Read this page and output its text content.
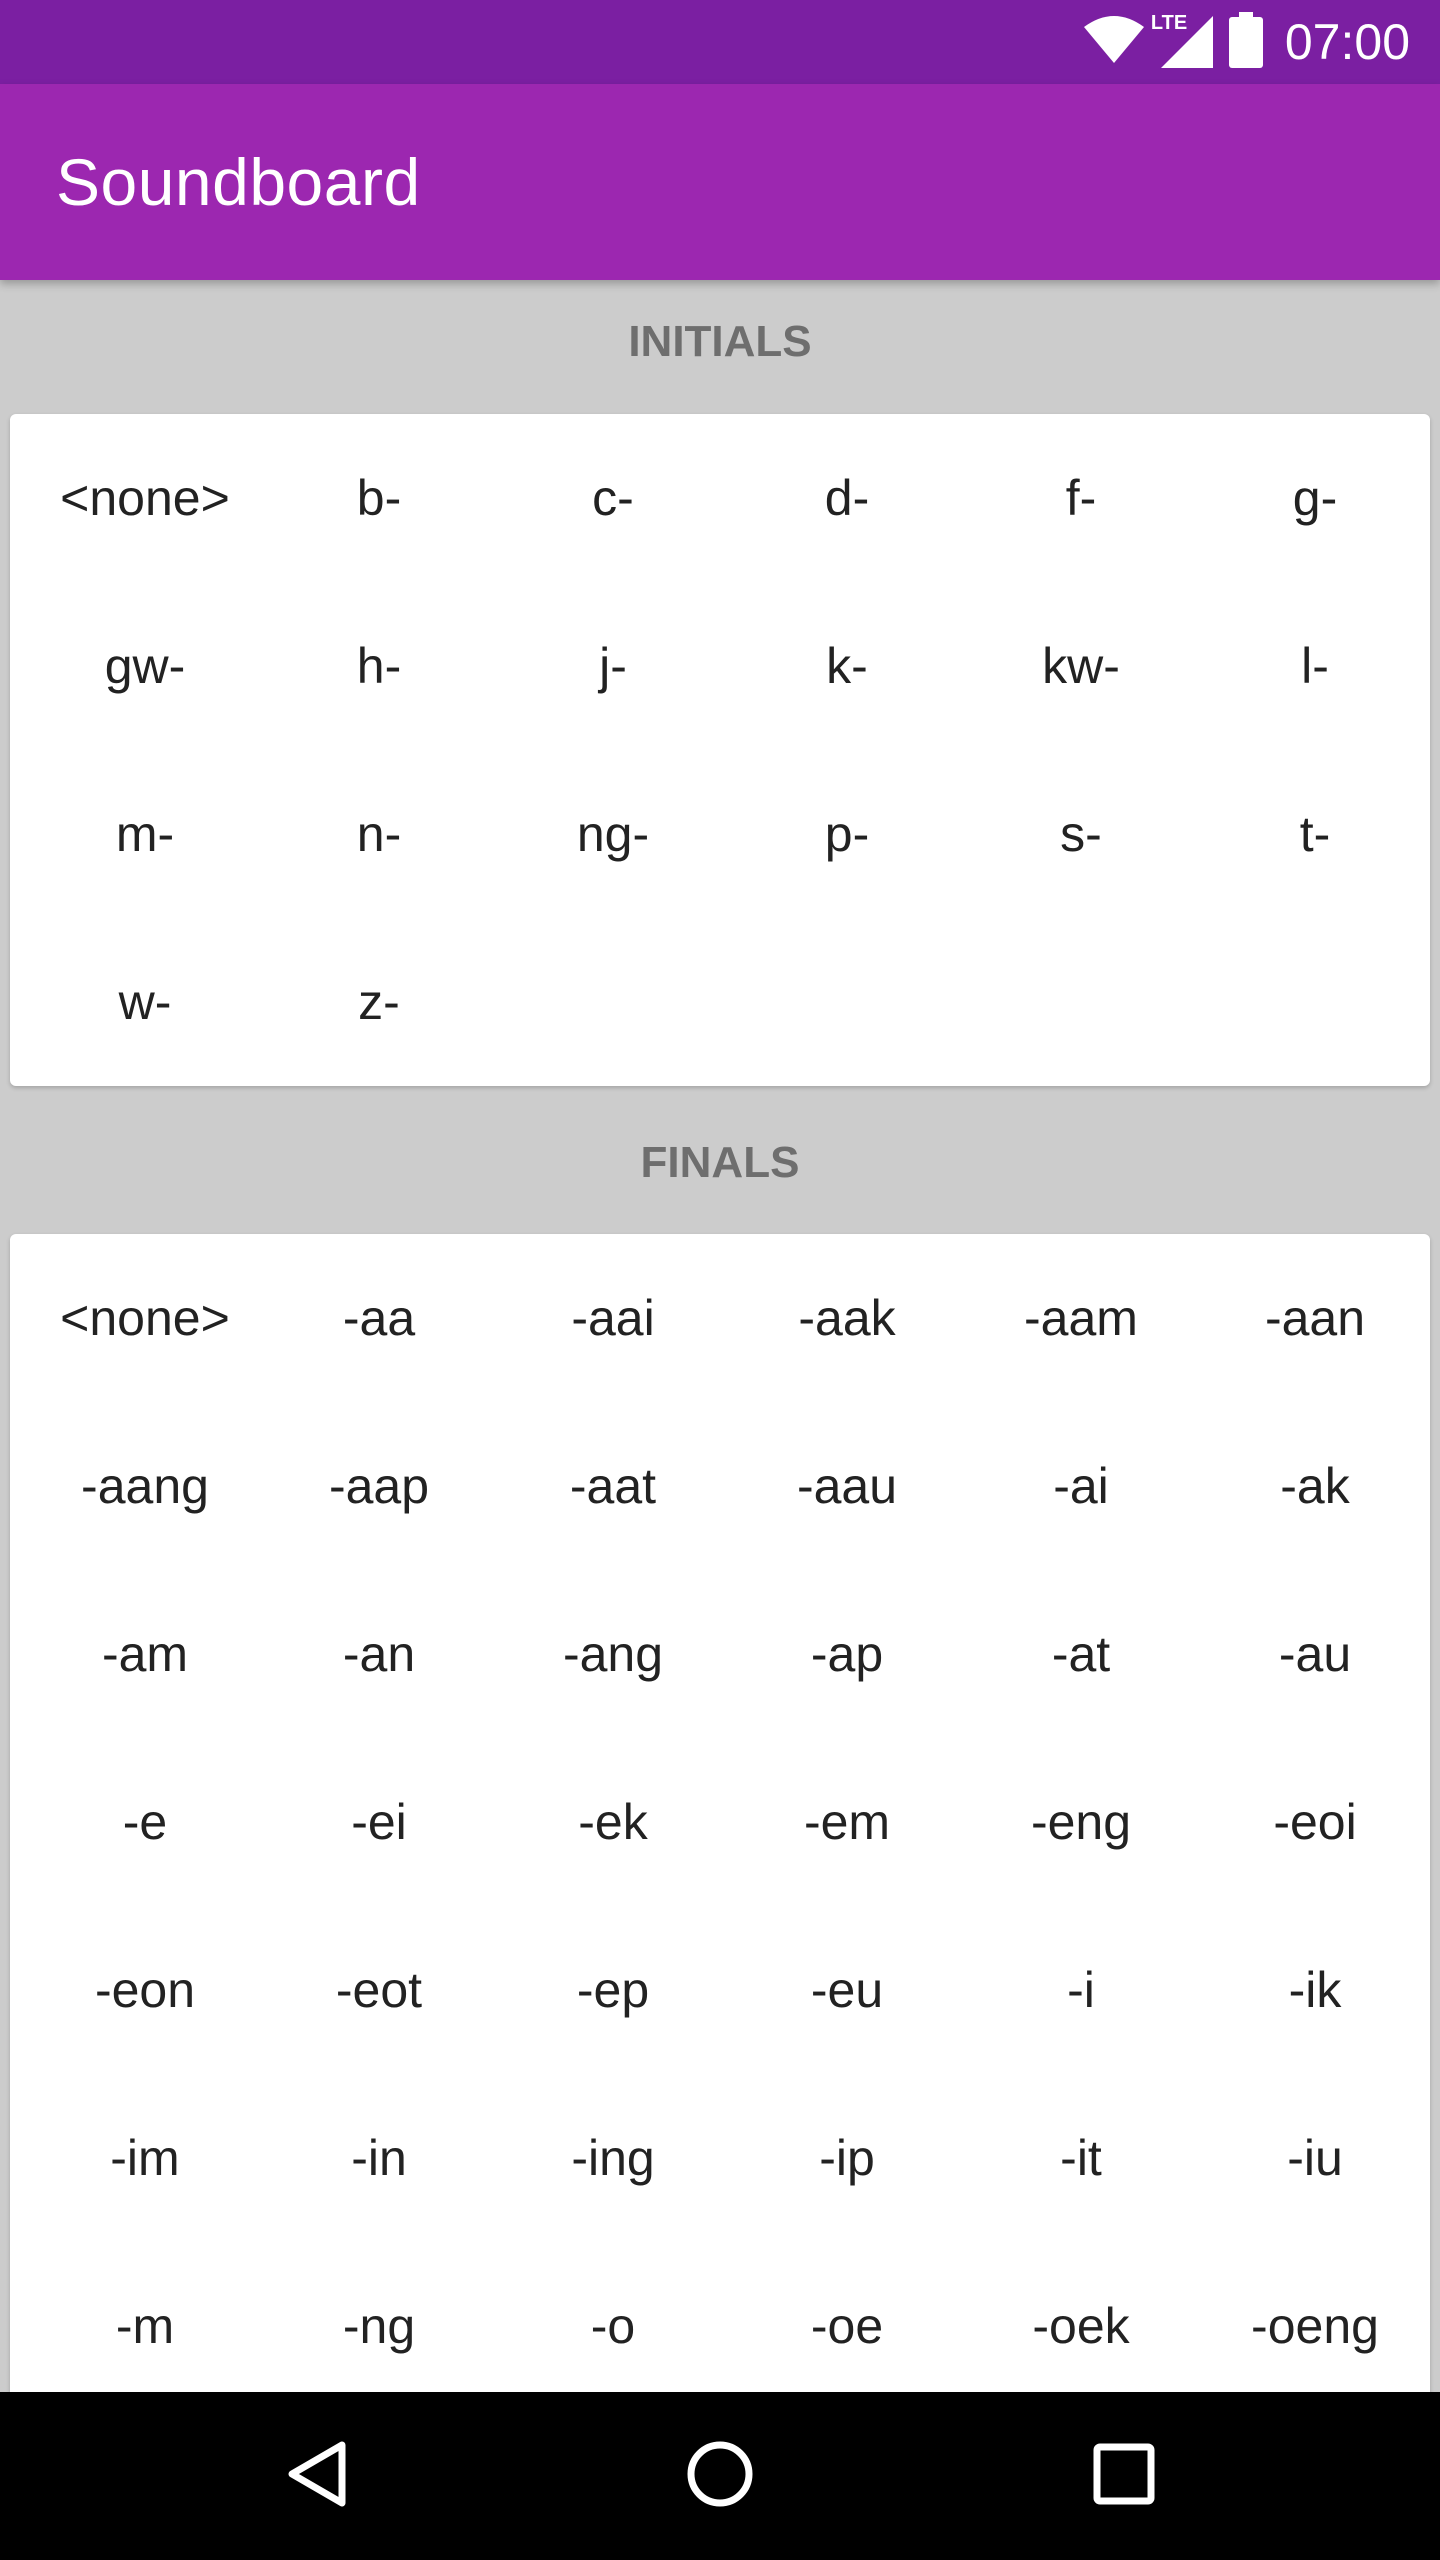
LTE 07:00
Soundboard
INITIALS
<none>	b-	c-	d-	f-	g-
gw-	h-	j-	k-	kw-	l-
m-	n-	ng-	p-	s-	t-
w-	z-
FINALS
<none>	-aa	-aai	-aak	-aam	-aan
-aang	-aap	-aat	-aau	-ai	-ak
-am	-an	-ang	-ap	-at	-au
-e	-ei	-ek	-em	-eng	-eoi
-eon	-eot	-ep	-eu	-i	-ik
-im	-in	-ing	-ip	-it	-iu
-m	-ng	-o	-oe	-oek	-oeng
